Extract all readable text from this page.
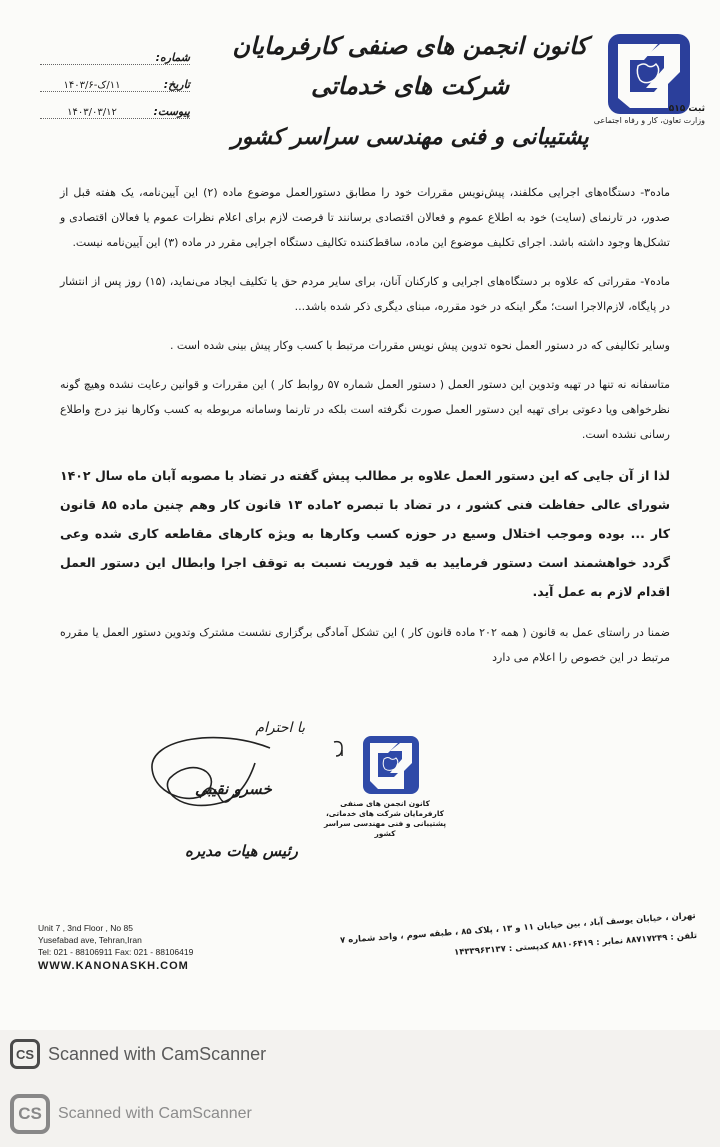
ثبت ۵۱۵
وزارت تعاون، کار و رفاه اجتماعی
کانون انجمن های صنفی کارفرمایان شرکت های خدماتی
پشتیبانی و فنی مهندسی سراسر کشور
شماره:
تاریخ:
۱۱/ک-۱۴۰۳/۶
پیوست:
۱۴۰۳/۰۳/۱۲

ماده۳- دستگاه‌های اجرایی مکلفند، پیش‌نویس مقررات خود را مطابق دستورالعمل موضوع ماده (۲) این آیین‌نامه، یک هفته قبل از صدور، در تارنمای (سایت) خود به اطلاع عموم و فعالان اقتصادی برسانند تا فرصت لازم برای اعلام نظرات عموم یا فعالان اقتصادی و تشکل‌ها وجود داشته باشد. اجرای تکلیف موضوع این ماده، ساقط‌کننده تکالیف دستگاه اجرایی مقرر در ماده (۳) این آیین‌نامه نیست.

ماده۷- مقرراتی که علاوه بر دستگاه‌های اجرایی و کارکنان آنان، برای سایر مردم حق یا تکلیف ایجاد می‌نماید، (۱۵) روز پس از انتشار در پایگاه، لازم‌الاجرا است؛ مگر اینکه در خود مقرره، مبنای دیگری ذکر شده باشد...

وسایر تکالیفی که در دستور العمل نحوه تدوین پیش نویس مقررات مرتبط با کسب وکار پیش بینی شده است .

متاسفانه نه تنها در تهیه وتدوین این دستور العمل ( دستور العمل شماره ۵۷ روابط کار ) این مقررات و قوانین رعایت نشده وهیچ گونه نظرخواهی ویا دعوتی برای تهیه این دستور العمل صورت نگرفته است بلکه در تارنما وسامانه مربوطه به کسب وکارها نیز درج واطلاع رسانی نشده است.

لذا از آن جایی که این دستور العمل علاوه بر مطالب پیش گفته در تضاد با مصوبه آبان ماه سال ۱۴۰۲ شورای عالی حفاظت فنی کشور ، در تضاد با تبصره ۲ماده ۱۳ قانون کار وهم چنین ماده ۸۵ قانون کار ... بوده وموجب اختلال وسیع در حوزه کسب وکارها به ویژه کارهای مقاطعه کاری شده وعی گردد خواهشمند است دستور فرمایید به قید فوریت نسبت به توقف اجرا وابطال این دستور العمل اقدام لازم به عمل آید.

ضمنا در راستای عمل به قانون ( همه ۲۰۲ ماده قانون کار ) این تشکل آمادگی برگزاری نشست مشترک وتدوین دستور العمل یا مقرره مرتبط در این خصوص را اعلام می دارد

با احترام
خسرو نقیبی
رئیس هیات مدیره
کانون انجمن های صنفی کارفرمایان شرکت های خدماتی، پشتیبانی و فنی مهندسی سراسر کشور
Unit 7 , 3nd Floor , No 85
Yusefabad ave, Tehran,Iran
Tel: 021 - 88106911 Fax: 021 - 88106419
WWW.KANONASKH.COM
تهران ، خیابان یوسف آباد ، بین خیابان ۱۱ و ۱۳ ، پلاک ۸۵ ، طبقه سوم ، واحد شماره ۷
تلفن : ۸۸۷۱۷۲۴۹ نمابر : ۸۸۱۰۶۴۱۹ کدپستی : ۱۴۳۳۹۶۳۱۳۷
CS Scanned with CamScanner
CS	Scanned with CamScanner
